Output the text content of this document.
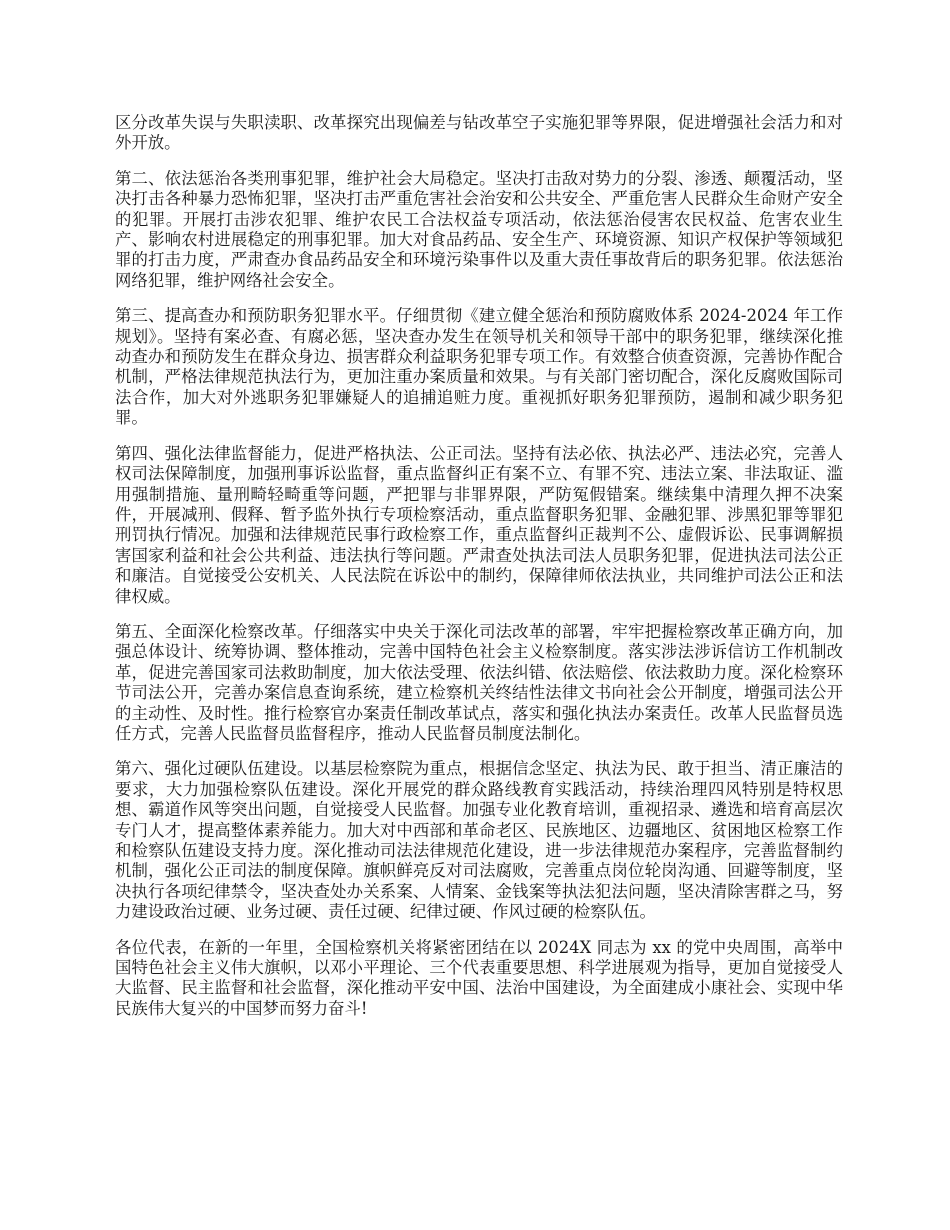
区分改革失误与失职渎职、改革探究出现偏差与钻改革空子实施犯罪等界限，促进增强社会活力和对外开放。

第二、依法惩治各类刑事犯罪，维护社会大局稳定。坚决打击敌对势力的分裂、渗透、颠覆活动，坚决打击各种暴力恐怖犯罪，坚决打击严重危害社会治安和公共安全、严重危害人民群众生命财产安全的犯罪。开展打击涉农犯罪、维护农民工合法权益专项活动，依法惩治侵害农民权益、危害农业生产、影响农村进展稳定的刑事犯罪。加大对食品药品、安全生产、环境资源、知识产权保护等领域犯罪的打击力度，严肃查办食品药品安全和环境污染事件以及重大责任事故背后的职务犯罪。依法惩治网络犯罪，维护网络社会安全。

第三、提高查办和预防职务犯罪水平。仔细贯彻《建立健全惩治和预防腐败体系 2024-2024 年工作规划》。坚持有案必查、有腐必惩，坚决查办发生在领导机关和领导干部中的职务犯罪，继续深化推动查办和预防发生在群众身边、损害群众利益职务犯罪专项工作。有效整合侦查资源，完善协作配合机制，严格法律规范执法行为，更加注重办案质量和效果。与有关部门密切配合，深化反腐败国际司法合作，加大对外逃职务犯罪嫌疑人的追捕追赃力度。重视抓好职务犯罪预防，遏制和减少职务犯罪。

第四、强化法律监督能力，促进严格执法、公正司法。坚持有法必依、执法必严、违法必究，完善人权司法保障制度，加强刑事诉讼监督，重点监督纠正有案不立、有罪不究、违法立案、非法取证、滥用强制措施、量刑畸轻畸重等问题，严把罪与非罪界限，严防冤假错案。继续集中清理久押不决案件，开展减刑、假释、暂予监外执行专项检察活动，重点监督职务犯罪、金融犯罪、涉黑犯罪等罪犯刑罚执行情况。加强和法律规范民事行政检察工作，重点监督纠正裁判不公、虚假诉讼、民事调解损害国家利益和社会公共利益、违法执行等问题。严肃查处执法司法人员职务犯罪，促进执法司法公正和廉洁。自觉接受公安机关、人民法院在诉讼中的制约，保障律师依法执业，共同维护司法公正和法律权威。

第五、全面深化检察改革。仔细落实中央关于深化司法改革的部署，牢牢把握检察改革正确方向，加强总体设计、统筹协调、整体推动，完善中国特色社会主义检察制度。落实涉法涉诉信访工作机制改革，促进完善国家司法救助制度，加大依法受理、依法纠错、依法赔偿、依法救助力度。深化检察环节司法公开，完善办案信息查询系统，建立检察机关终结性法律文书向社会公开制度，增强司法公开的主动性、及时性。推行检察官办案责任制改革试点，落实和强化执法办案责任。改革人民监督员选任方式，完善人民监督员监督程序，推动人民监督员制度法制化。

第六、强化过硬队伍建设。以基层检察院为重点，根据信念坚定、执法为民、敢于担当、清正廉洁的要求，大力加强检察队伍建设。深化开展党的群众路线教育实践活动，持续治理四风特别是特权思想、霸道作风等突出问题，自觉接受人民监督。加强专业化教育培训，重视招录、遴选和培育高层次专门人才，提高整体素养能力。加大对中西部和革命老区、民族地区、边疆地区、贫困地区检察工作和检察队伍建设支持力度。深化推动司法法律规范化建设，进一步法律规范办案程序，完善监督制约机制，强化公正司法的制度保障。旗帜鲜亮反对司法腐败，完善重点岗位轮岗沟通、回避等制度，坚决执行各项纪律禁令，坚决查处办关系案、人情案、金钱案等执法犯法问题，坚决清除害群之马，努力建设政治过硬、业务过硬、责任过硬、纪律过硬、作风过硬的检察队伍。

各位代表，在新的一年里，全国检察机关将紧密团结在以 2024X 同志为 xx 的党中央周围，高举中国特色社会主义伟大旗帜，以邓小平理论、三个代表重要思想、科学进展观为指导，更加自觉接受人大监督、民主监督和社会监督，深化推动平安中国、法治中国建设，为全面建成小康社会、实现中华民族伟大复兴的中国梦而努力奋斗!
